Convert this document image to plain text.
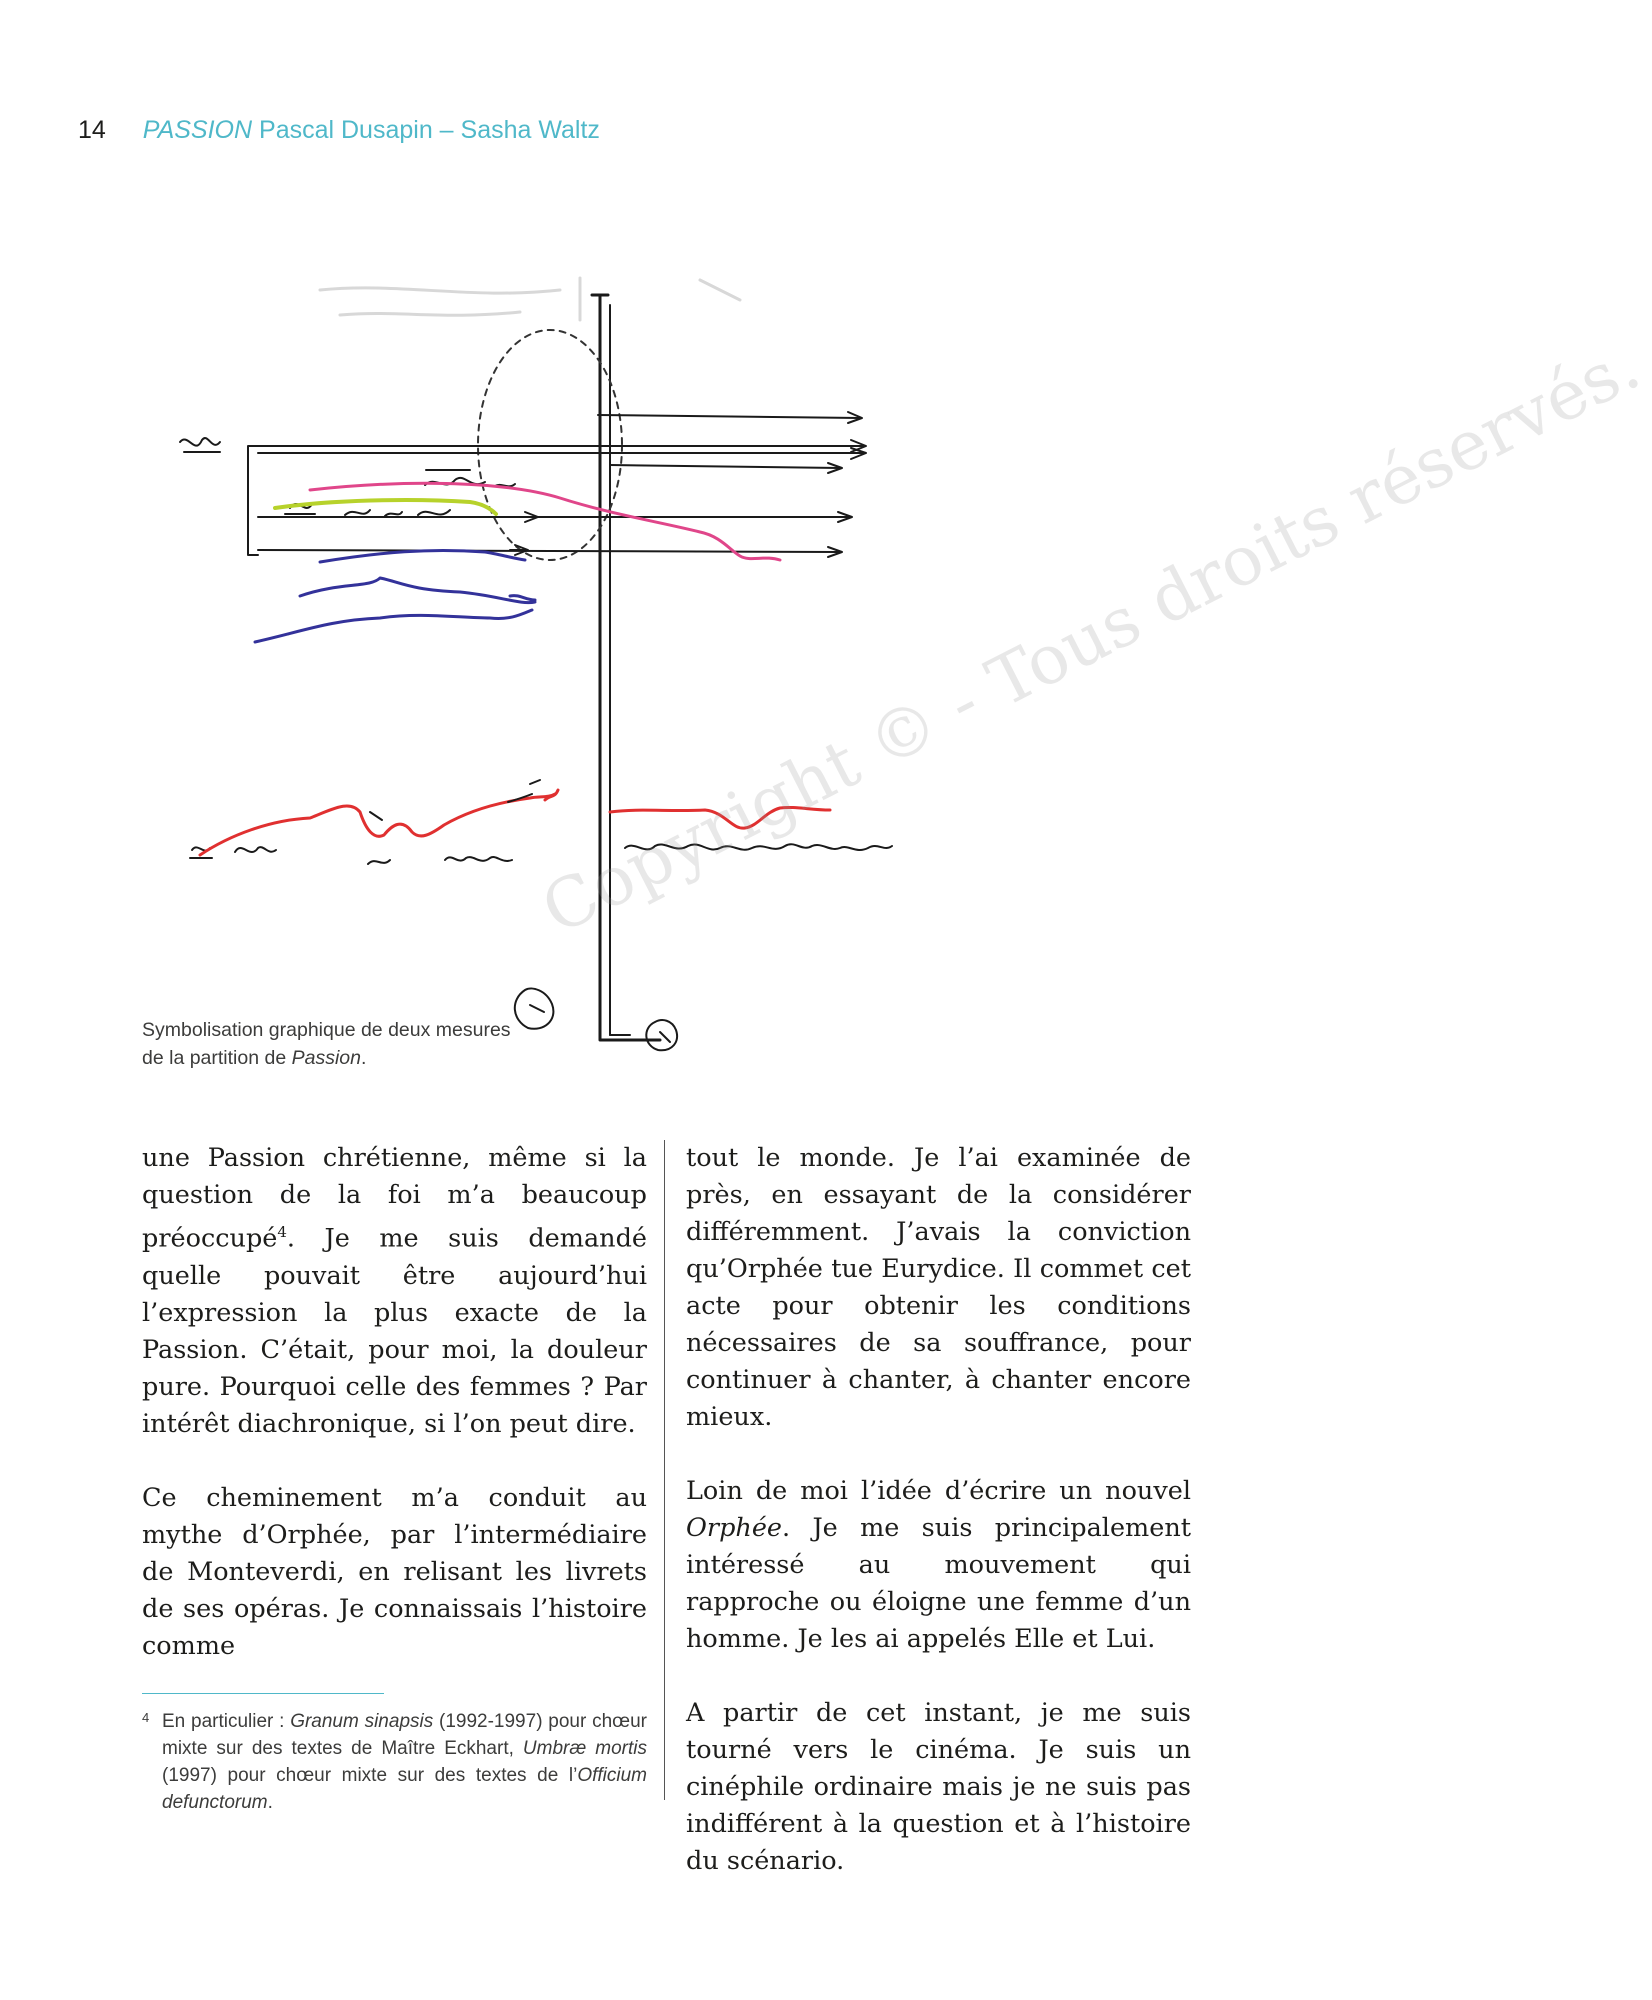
14 PASSION Pascal Dusapin – Sasha Waltz
Symbolisation graphique de deux mesures
de la partition de Passion.

une Passion chrétienne, même si la question de la foi m’a beaucoup préoccupé$^4$. Je me suis demandé quelle pouvait être aujourd’hui l’expression la plus exacte de la Passion. C’était, pour moi, la douleur pure. Pourquoi celle des femmes ? Par intérêt diachronique, si l’on peut dire.

Ce cheminement m’a conduit au mythe d’Orphée, par l’intermédiaire de Monteverdi, en relisant les livrets de ses opéras. Je connaissais l’histoire comme

tout le monde. Je l’ai examinée de près, en essayant de la considérer différemment. J’avais la conviction qu’Orphée tue Eurydice. Il commet cet acte pour obtenir les conditions nécessaires de sa souffrance, pour continuer à chanter, à chanter encore mieux.

Loin de moi l’idée d’écrire un nouvel Orphée. Je me suis principalement intéressé au mouvement qui rapproche ou éloigne une femme d’un homme. Je les ai appelés Elle et Lui.

A partir de cet instant, je me suis tourné vers le cinéma. Je suis un cinéphile ordinaire mais je ne suis pas indifférent à la question et à l’histoire du scénario.

4 En particulier : Granum sinapsis (1992-1997) pour chœur mixte sur des textes de Maître Eckhart, Umbræ mortis (1997) pour chœur mixte sur des textes de l’Officium defunctorum.
Copyright © - Tous droits réservés.
